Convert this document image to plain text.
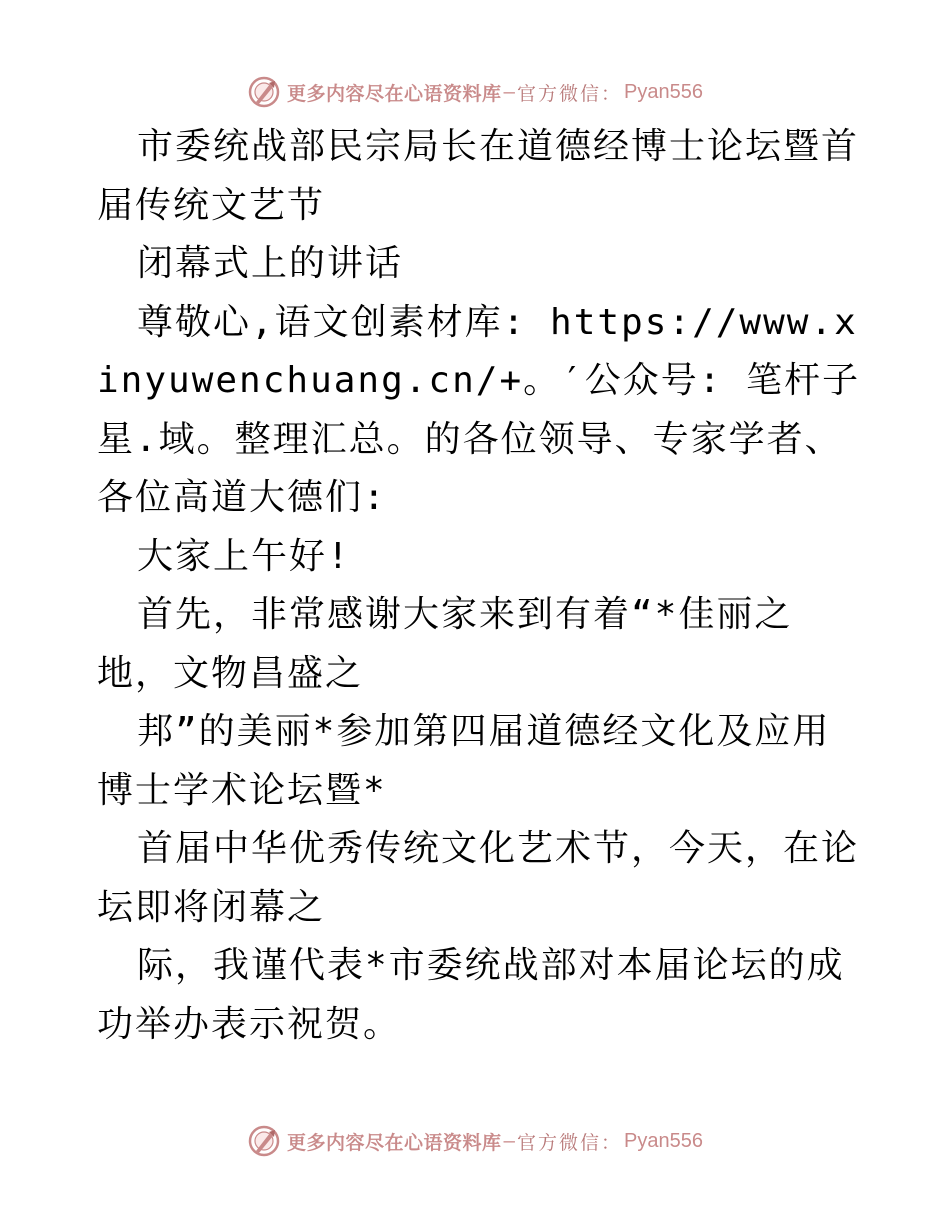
更多内容尽在心语资料库 — 官方微信： Pyan556

市委统战部民宗局长在道德经博士论坛暨首届传统文艺节

闭幕式上的讲话

尊敬心,语文创素材库: https://www.xinyuwenchuang.cn/+。′公众号: 笔杆子星.域。整理汇总。的各位领导、专家学者、各位高道大德们:

大家上午好!

首先，非常感谢大家来到有着“*佳丽之地，文物昌盛之

邦”的美丽*参加第四届道德经文化及应用博士学术论坛暨*

首届中华优秀传统文化艺术节，今天，在论坛即将闭幕之

际，我谨代表*市委统战部对本届论坛的成功举办表示祝贺。

更多内容尽在心语资料库 — 官方微信： Pyan556
